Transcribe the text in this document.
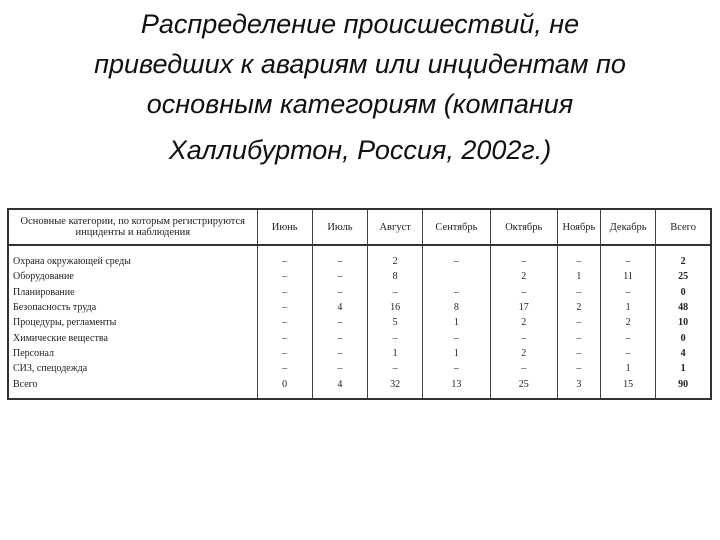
Распределение происшествий, не
приведших к авариям или инцидентам по
основным категориям (компания
Халлибуртон, Россия, 2002г.)
Основные категории, по которым регистрируются инциденты и наблюдения	Июнь	Июль	Август	Сентябрь	Октябрь	Ноябрь	Декабрь	Всего
Охрана окружающей среды	–	–	2	–	–	–	–	2
Оборудование	–	–	8		2	1	11	25
Планирование	–	–	–	–	–	–	–	0
Безопасность труда	–	4	16	8	17	2	1	48
Процедуры, регламенты	–	–	5	1	2	–	2	10
Химические вещества	–	–	–	–	–	–	–	0
Персонал	–	–	1	1	2	–	–	4
СИЗ, спецодежда	–	–	–	–	–	–	1	1
Всего	0	4	32	13	25	3	15	90
